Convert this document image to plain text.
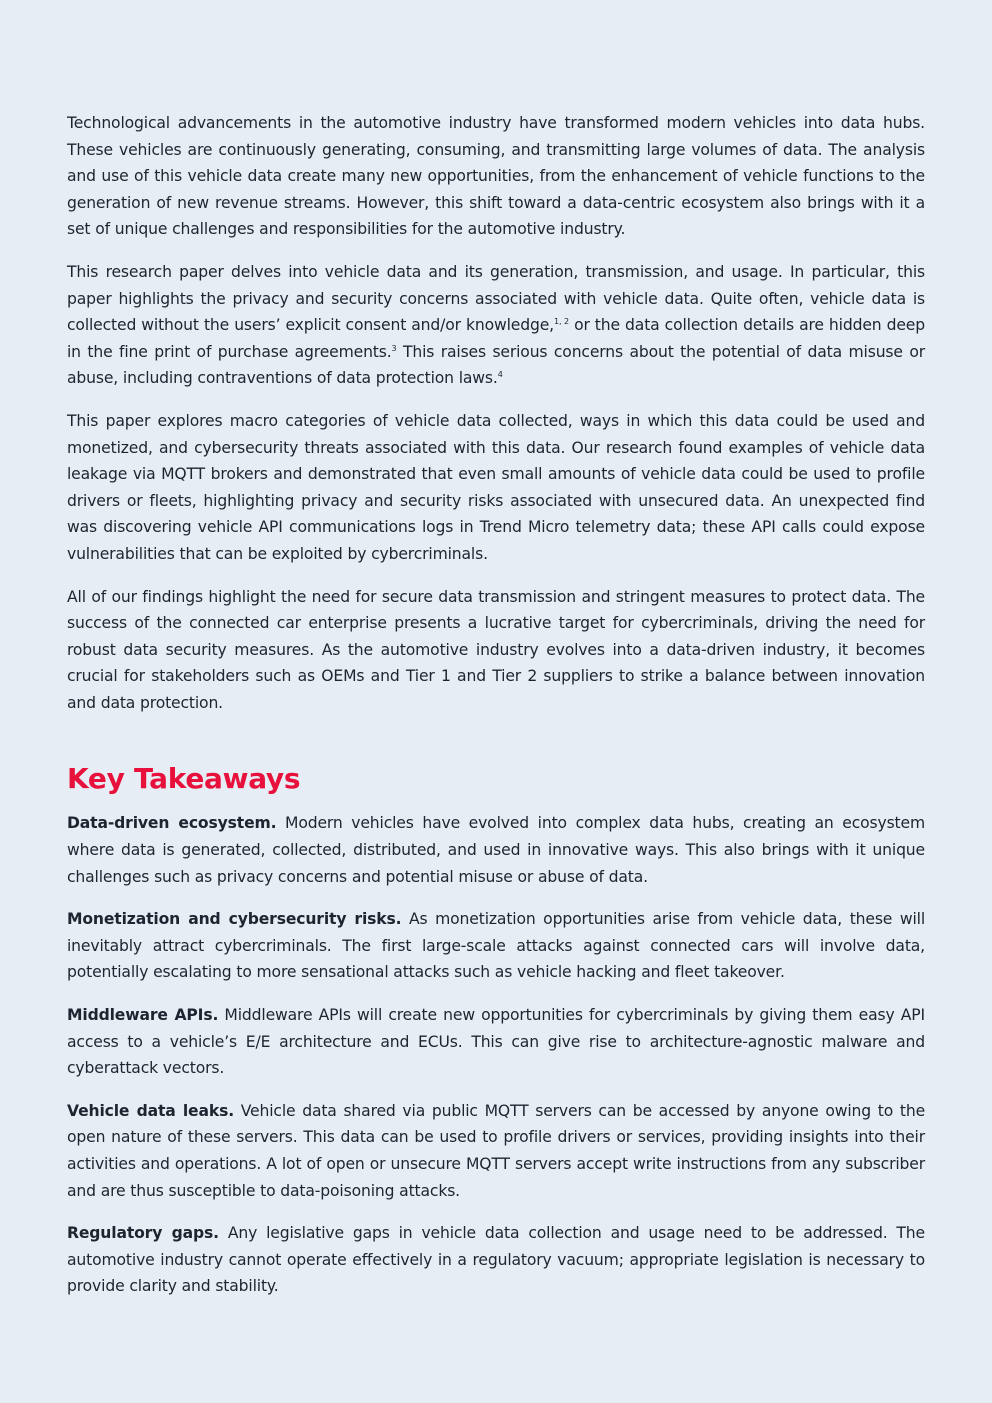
Technological advancements in the automotive industry have transformed modern vehicles into data hubs. These vehicles are continuously generating, consuming, and transmitting large volumes of data. The analysis and use of this vehicle data create many new opportunities, from the enhancement of vehicle functions to the generation of new revenue streams. However, this shift toward a data-centric ecosystem also brings with it a set of unique challenges and responsibilities for the automotive industry.

This research paper delves into vehicle data and its generation, transmission, and usage. In particular, this paper highlights the privacy and security concerns associated with vehicle data. Quite often, vehicle data is collected without the users’ explicit consent and/or knowledge,$^{1, 2}$ or the data collection details are hidden deep in the fine print of purchase agreements.$^3$ This raises serious concerns about the potential of data misuse or abuse, including contraventions of data protection laws.$^4$

This paper explores macro categories of vehicle data collected, ways in which this data could be used and monetized, and cybersecurity threats associated with this data. Our research found examples of vehicle data leakage via MQTT brokers and demonstrated that even small amounts of vehicle data could be used to profile drivers or fleets, highlighting privacy and security risks associated with unsecured data. An unexpected find was discovering vehicle API communications logs in Trend Micro telemetry data; these API calls could expose vulnerabilities that can be exploited by cybercriminals.

All of our findings highlight the need for secure data transmission and stringent measures to protect data. The success of the connected car enterprise presents a lucrative target for cybercriminals, driving the need for robust data security measures. As the automotive industry evolves into a data-driven industry, it becomes crucial for stakeholders such as OEMs and Tier 1 and Tier 2 suppliers to strike a balance between innovation and data protection.

Key Takeaways

Data-driven ecosystem. Modern vehicles have evolved into complex data hubs, creating an ecosystem where data is generated, collected, distributed, and used in innovative ways. This also brings with it unique challenges such as privacy concerns and potential misuse or abuse of data.

Monetization and cybersecurity risks. As monetization opportunities arise from vehicle data, these will inevitably attract cybercriminals. The first large-scale attacks against connected cars will involve data, potentially escalating to more sensational attacks such as vehicle hacking and fleet takeover.

Middleware APIs. Middleware APIs will create new opportunities for cybercriminals by giving them easy API access to a vehicle’s E/E architecture and ECUs. This can give rise to architecture-agnostic malware and cyberattack vectors.

Vehicle data leaks. Vehicle data shared via public MQTT servers can be accessed by anyone owing to the open nature of these servers. This data can be used to profile drivers or services, providing insights into their activities and operations. A lot of open or unsecure MQTT servers accept write instructions from any subscriber and are thus susceptible to data-poisoning attacks.

Regulatory gaps. Any legislative gaps in vehicle data collection and usage need to be addressed. The automotive industry cannot operate effectively in a regulatory vacuum; appropriate legislation is necessary to provide clarity and stability.
